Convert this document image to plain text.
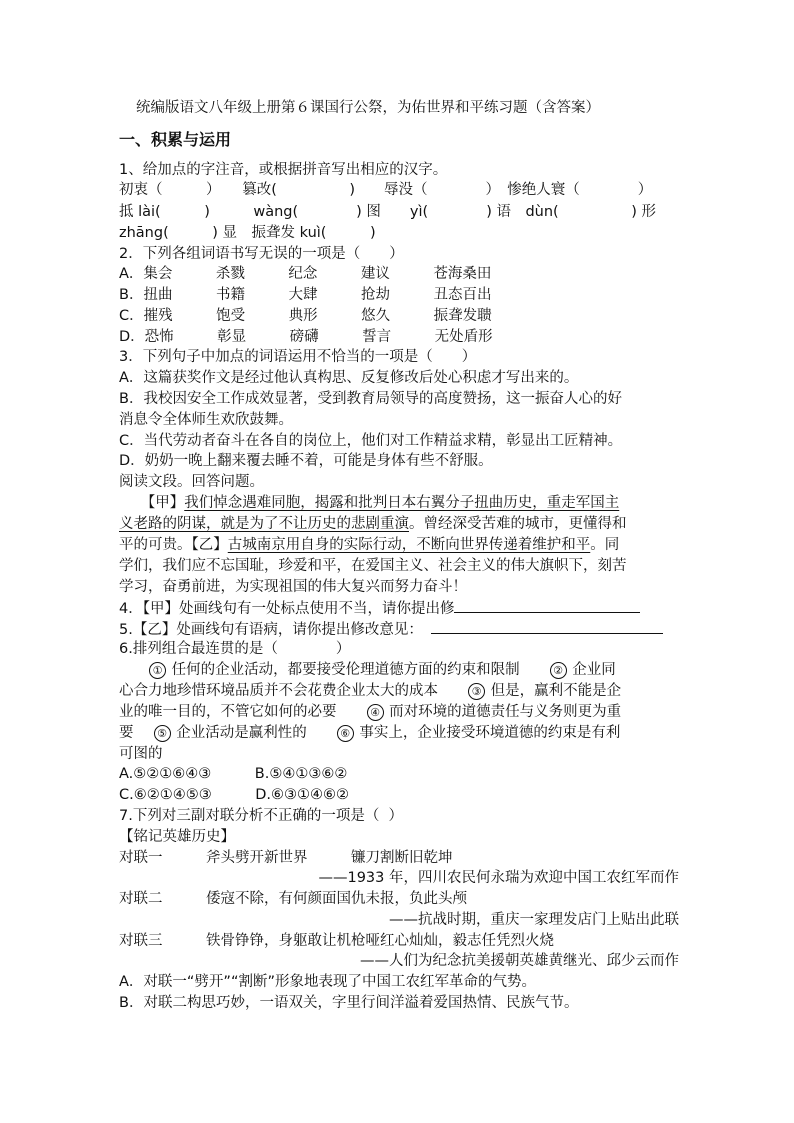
统编版语文八年级上册第６课国行公祭，为佑世界和平练习题（含答案）
一、积累与运用
1、给加点的字注音，或根据拼音写出相应的汉字。
初衷（　　　）　　篡改(　　　　　)　　辱没（　　　　）　惨绝人寰（　　　　）
抵 lài(　　　)　　　wàng(　　　　) 图　　yì(　　　　) 语　dùn(　　　　　) 形
zhāng(　　　) 显　振聋发 kuì(　　　)
2．下列各组词语书写无误的一项是（　　）
A．集会　　　杀戮　　　纪念　　　建议　　　苍海桑田
B．扭曲　　　书籍　　　大肆　　　抢劫　　　丑态百出
C．摧残　　　饱受　　　典形　　　悠久　　　振聋发聩
D．恐怖　　　彰显　　　磅礴　　　誓言　　　无处盾形
3．下列句子中加点的词语运用不恰当的一项是（　　）
A．这篇获奖作文是经过他认真构思、反复修改后处心积虑才写出来的。
B．我校因安全工作成效显著，受到教育局领导的高度赞扬，这一振奋人心的好
消息令全体师生欢欣鼓舞。
C．当代劳动者奋斗在各自的岗位上，他们对工作精益求精，彰显出工匠精神。
D．奶奶一晚上翻来覆去睡不着，可能是身体有些不舒服。
阅读文段。回答问题。
　　【甲】我们悼念遇难同胞，揭露和批判日本右翼分子扭曲历史，重走军国主
义老路的阴谋，就是为了不让历史的悲剧重演。曾经深受苦难的城市，更懂得和
平的可贵。【乙】古城南京用自身的实际行动，不断向世界传递着维护和平。同
学们，我们应不忘国耻，珍爱和平，在爱国主义、社会主义的伟大旗帜下，刻苦
学习，奋勇前进，为实现祖国的伟大复兴而努力奋斗！
4．【甲】处画线句有一处标点使用不当，请你提出修
5.【乙】处画线句有语病，请你提出修改意见：
6.排列组合最连贯的是（　　　　）
　　① 任何的企业活动，都要接受伦理道德方面的约束和限制　　	② 企业同
心合力地珍惜环境品质并不会花费企业太大的成本　　	③ 但是，赢利不能是企
业的唯一目的，不管它如何的必要　　	④ 而对环境的道德责任与义务则更为重
要　 ⑤ 企业活动是赢利性的　　	⑥ 事实上，企业接受环境道德的约束是有利
可图的
A.⑤②①⑥④③　　　	B.⑤④①③⑥②
C.⑥②①④⑤③　　　	D.⑥③①④⑥②
7.下列对三副对联分析不正确的一项是（  ）
【铭记英雄历史】
对联一　　　	斧头劈开新世界　　　镰刀割断旧乾坤
——1933 年，四川农民何永瑞为欢迎中国工农红军而作
对联二　　　	倭寇不除，有何颜面国仇未报，负此头颅
——抗战时期，重庆一家理发店门上贴出此联
对联三　　　	铁骨铮铮，身躯敢让机枪哑红心灿灿，毅志任凭烈火烧
——人们为纪念抗美援朝英雄黄继光、邱少云而作
A．对联一“劈开”“割断”形象地表现了中国工农红军革命的气势。
B．对联二构思巧妙，一语双关，字里行间洋溢着爱国热情、民族气节。
